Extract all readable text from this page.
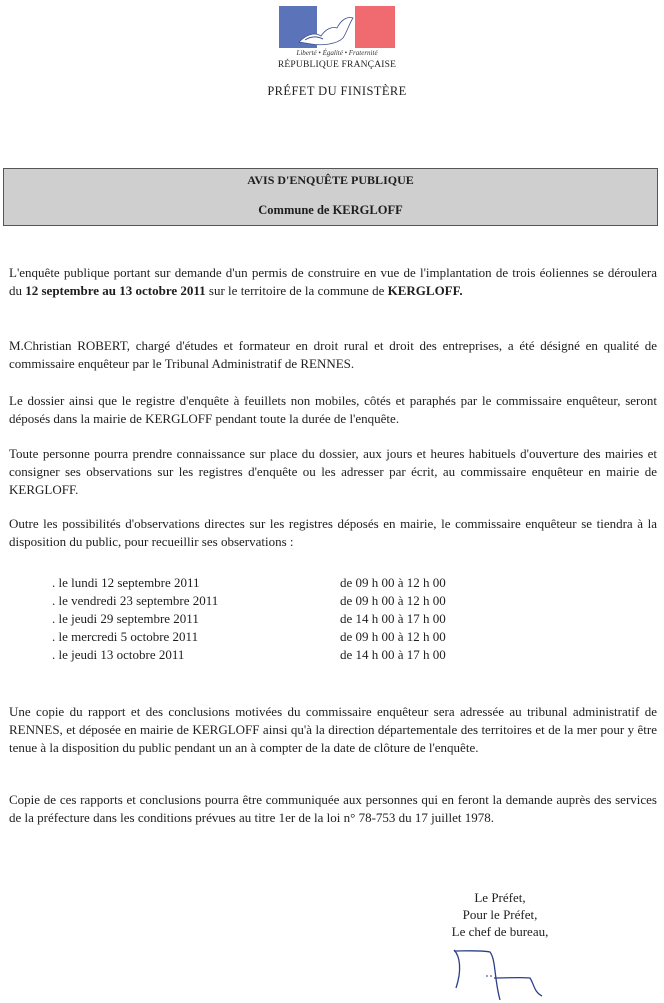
Liberté • Égalité • Fraternité
RÉPUBLIQUE FRANÇAISE
PRÉFET DU FINISTÈRE
AVIS D'ENQUÊTE PUBLIQUE
Commune de KERGLOFF

L'enquête publique portant sur demande d'un permis de construire en vue de l'implantation de trois éoliennes se déroulera du 12 septembre au 13 octobre 2011 sur le territoire de la commune de KERGLOFF.

M.Christian ROBERT, chargé d'études et formateur en droit rural et droit des entreprises, a été désigné en qualité de commissaire enquêteur par le Tribunal Administratif de RENNES.

Le dossier ainsi que le registre d'enquête à feuillets non mobiles, côtés et paraphés par le commissaire enquêteur, seront déposés dans la mairie de KERGLOFF pendant toute la durée de l'enquête.

Toute personne pourra prendre connaissance sur place du dossier, aux jours et heures habituels d'ouverture des mairies et consigner ses observations sur les registres d'enquête ou les adresser par écrit, au commissaire enquêteur en mairie de KERGLOFF.

Outre les possibilités d'observations directes sur les registres déposés en mairie, le commissaire enquêteur se tiendra à la disposition du public, pour recueillir ses observations :

. le lundi 12 septembre 2011	de 09 h 00 à 12 h 00
. le vendredi 23 septembre 2011	de 09 h 00 à 12 h 00
. le jeudi 29 septembre 2011	de 14 h 00 à 17 h 00
. le mercredi 5 octobre 2011	de 09 h 00 à 12 h 00
. le jeudi 13 octobre 2011	de 14 h 00 à 17 h 00

Une copie du rapport et des conclusions motivées du commissaire enquêteur sera adressée au tribunal administratif de RENNES, et déposée en mairie de KERGLOFF ainsi qu'à la direction départementale des territoires et de la mer pour y être tenue à la disposition du public pendant un an à compter de la date de clôture de l'enquête.

Copie de ces rapports et conclusions pourra être communiquée aux personnes qui en feront la demande auprès des services de la préfecture dans les conditions prévues au titre 1er de la loi n° 78-753 du 17 juillet 1978.

Le Préfet,
Pour le Préfet,
Le chef de bureau,
